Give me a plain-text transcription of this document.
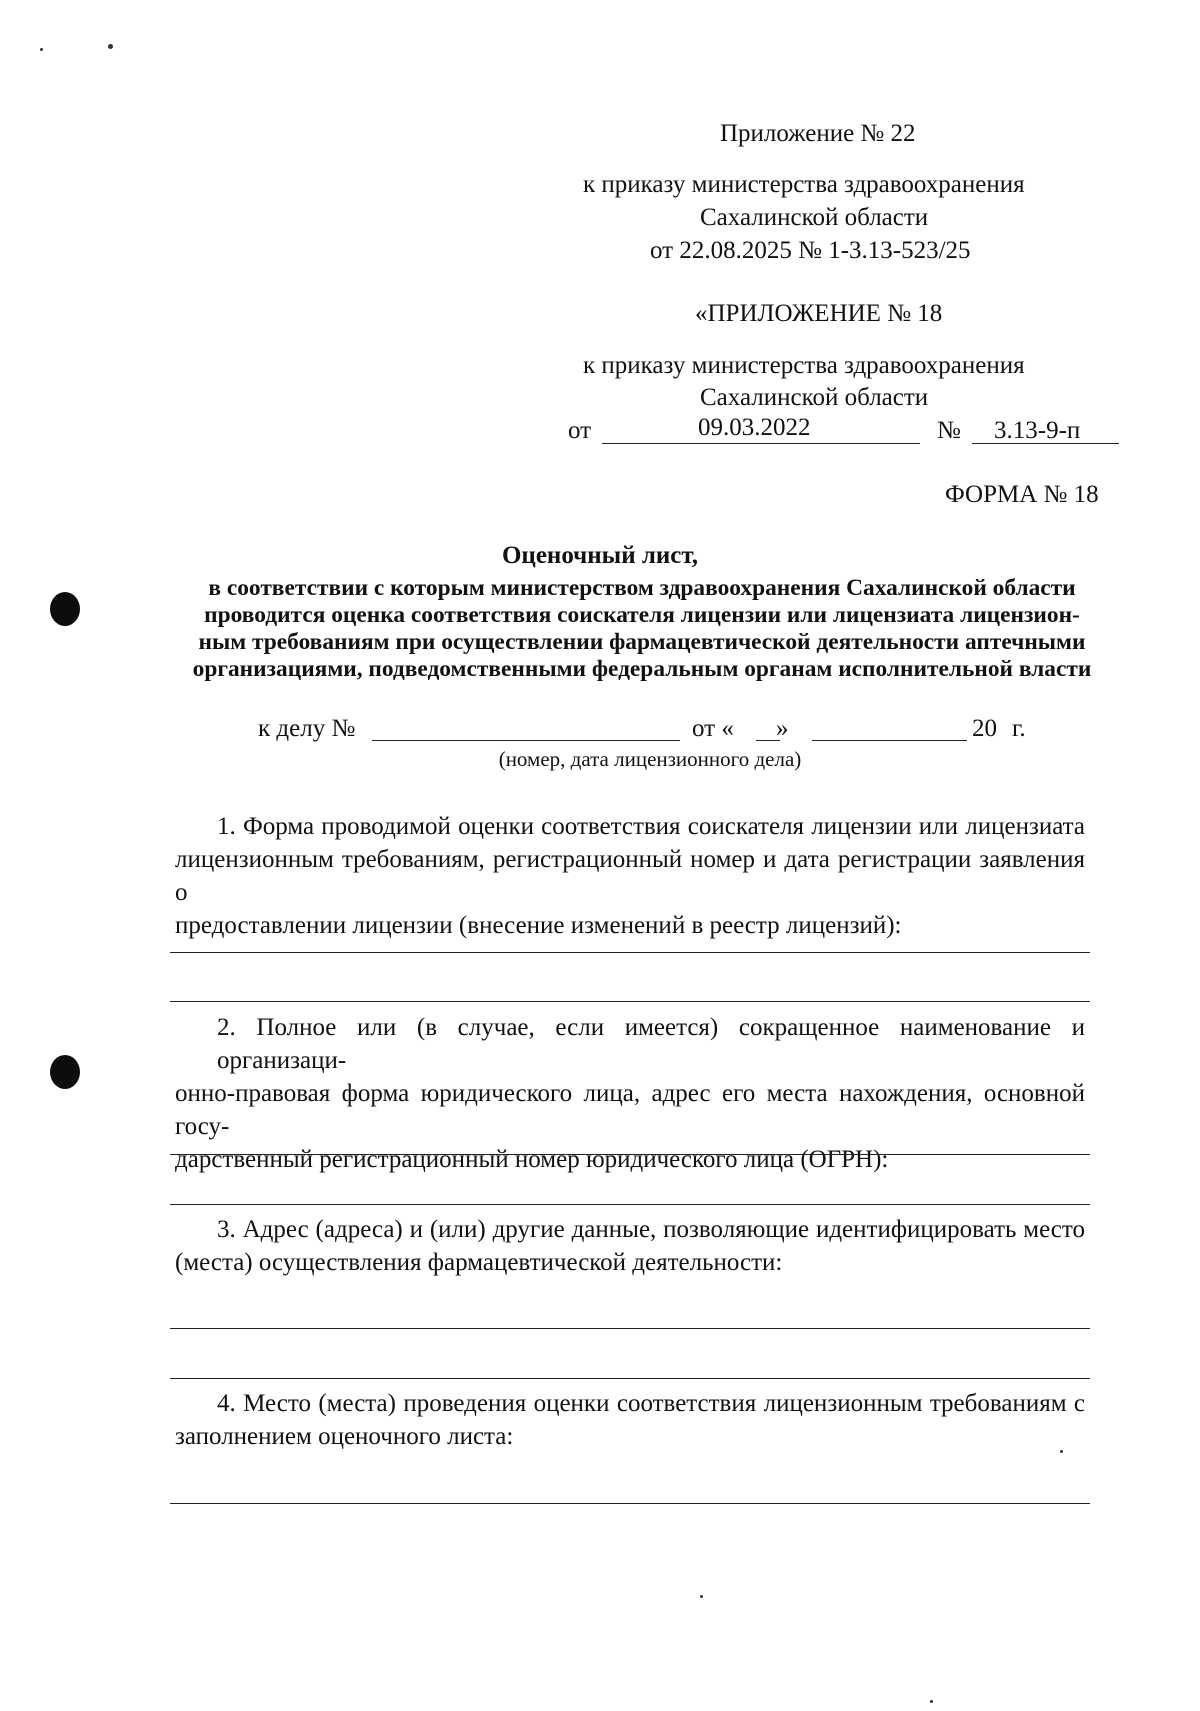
Приложение № 22
к приказу министерства здравоохранения
Сахалинской области
от 22.08.2025 № 1-3.13-523/25
«ПРИЛОЖЕНИЕ № 18
к приказу министерства здравоохранения
Сахалинской области
от	09.03.2022	№ 3.13-9-п
ФОРМА № 18
Оценочный лист,
в соответствии с которым министерством здравоохранения Сахалинской области
проводится оценка соответствия соискателя лицензии или лицензиата лицензион-
ным требованиям при осуществлении фармацевтической деятельности аптечными
организациями, подведомственными федеральным органам исполнительной власти
к делу №	от « »	20 г.
(номер, дата лицензионного дела)
1. Форма проводимой оценки соответствия соискателя лицензии или лицензиата
лицензионным требованиям, регистрационный номер и дата регистрации заявления о
предоставлении лицензии (внесение изменений в реестр лицензий):
2. Полное или (в случае, если имеется) сокращенное наименование и организаци-
онно-правовая форма юридического лица, адрес его места нахождения, основной госу-
дарственный регистрационный номер юридического лица (ОГРН):
3. Адрес (адреса) и (или) другие данные, позволяющие идентифицировать место
(места) осуществления фармацевтической деятельности:
4. Место (места) проведения оценки соответствия лицензионным требованиям с
заполнением оценочного листа:
